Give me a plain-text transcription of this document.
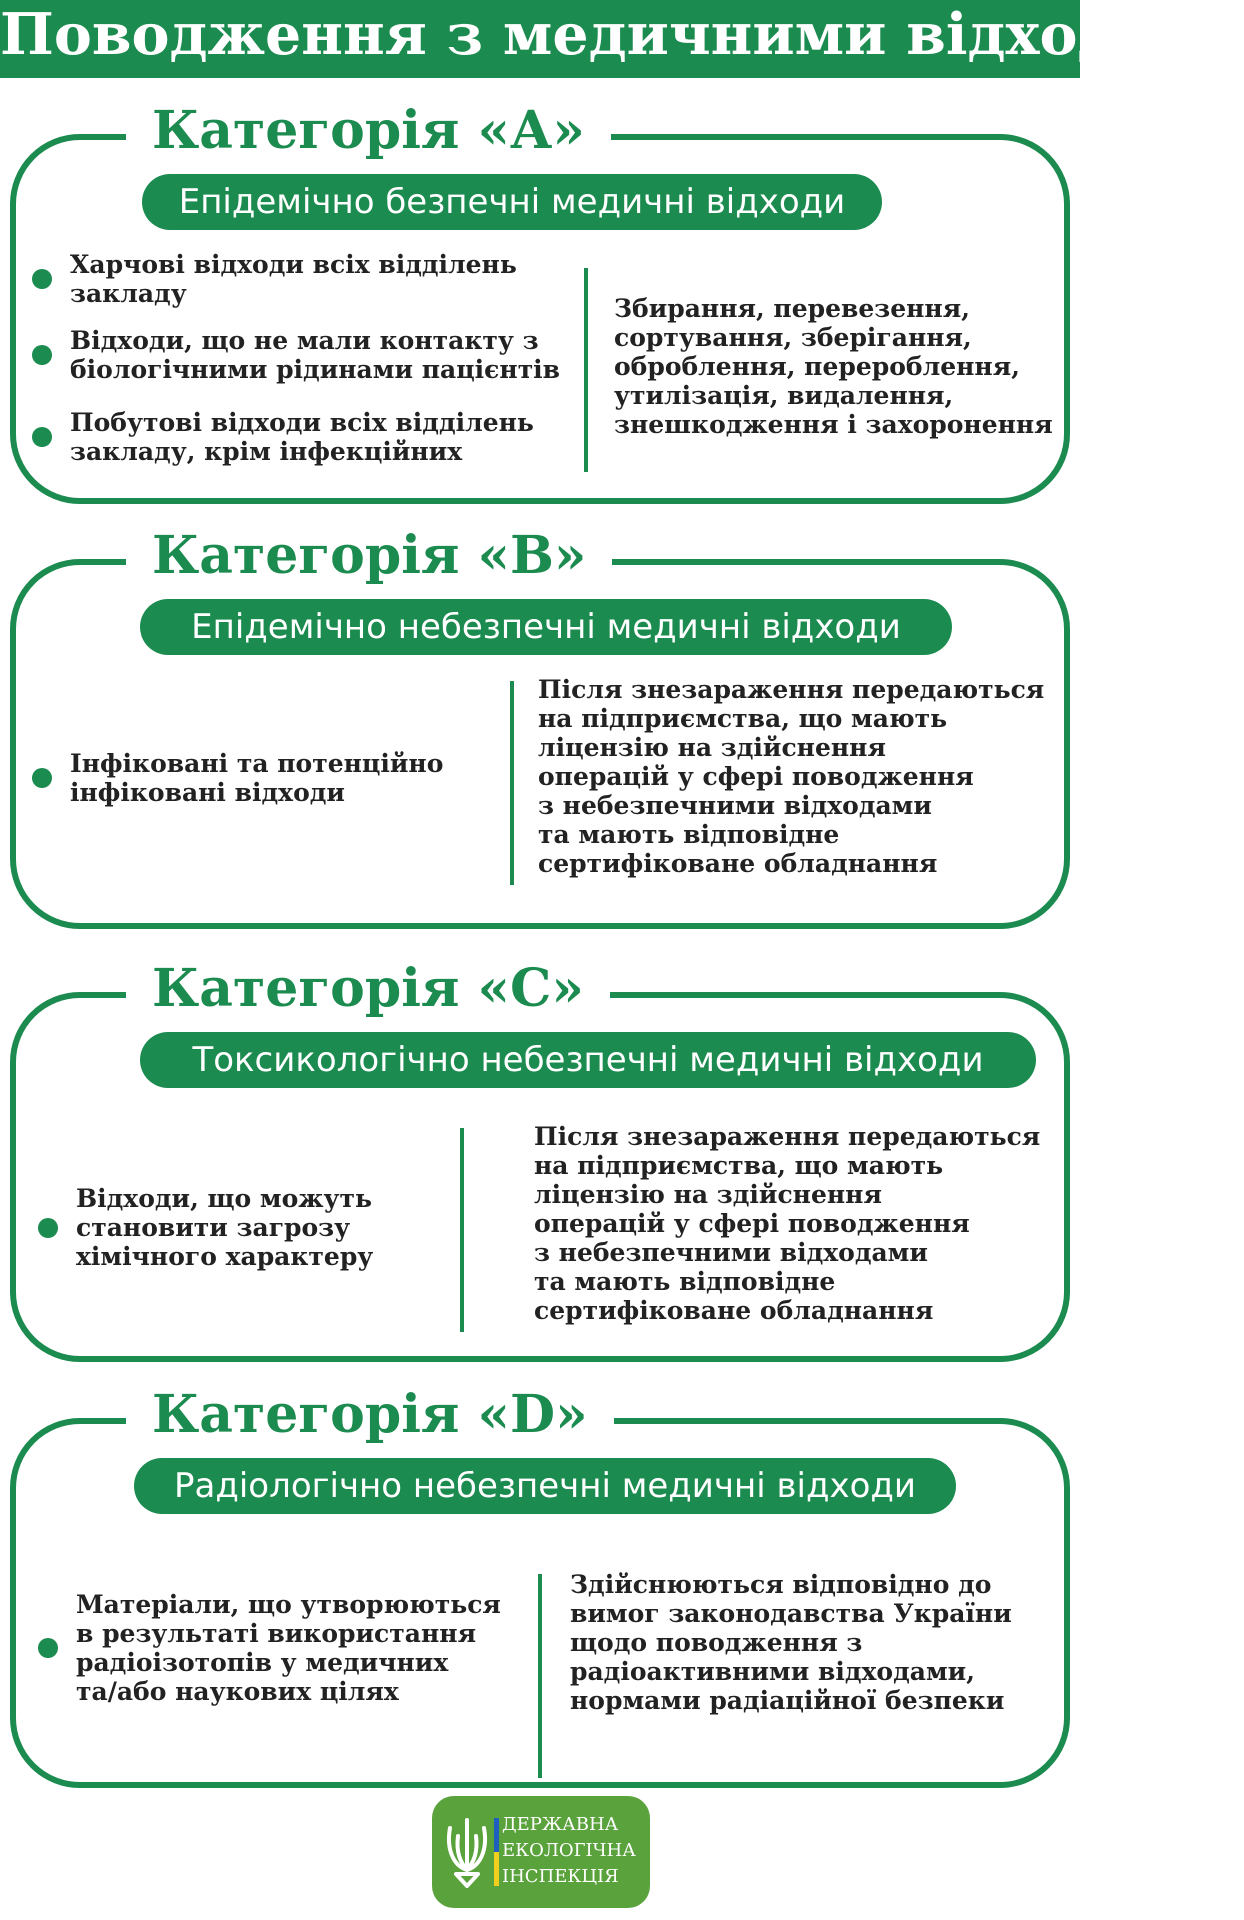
Поводження з медичними відходами
Категорія «А»
Епідемічно безпечні медичні відходи
Харчові відходи всіх відділень
закладу
Відходи, що не мали контакту з
біологічними рідинами пацієнтів
Побутові відходи всіх відділень
закладу, крім інфекційних
Збирання, перевезення,
сортування, зберігання,
оброблення, перероблення,
утилізація, видалення,
знешкодження і захоронення
Категорія «В»
Епідемічно небезпечні медичні відходи
Інфіковані та потенційно
інфіковані відходи
Після знезараження передаються
на підприємства, що мають
ліцензію на здійснення
операцій у сфері поводження
з небезпечними відходами
та мають відповідне
сертифіковане обладнання
Категорія «С»
Токсикологічно небезпечні медичні відходи
Відходи, що можуть
становити загрозу
хімічного характеру
Після знезараження передаються
на підприємства, що мають
ліцензію на здійснення
операцій у сфері поводження
з небезпечними відходами
та мають відповідне
сертифіковане обладнання
Категорія «D»
Радіологічно небезпечні медичні відходи
Матеріали, що утворюються
в результаті використання
радіоізотопів у медичних
та/або наукових цілях
Здійснюються відповідно до
вимог законодавства України
щодо поводження з
радіоактивними відходами,
нормами радіаційної безпеки
ДЕРЖАВНА
ЕКОЛОГІЧНА
ІНСПЕКЦІЯ
